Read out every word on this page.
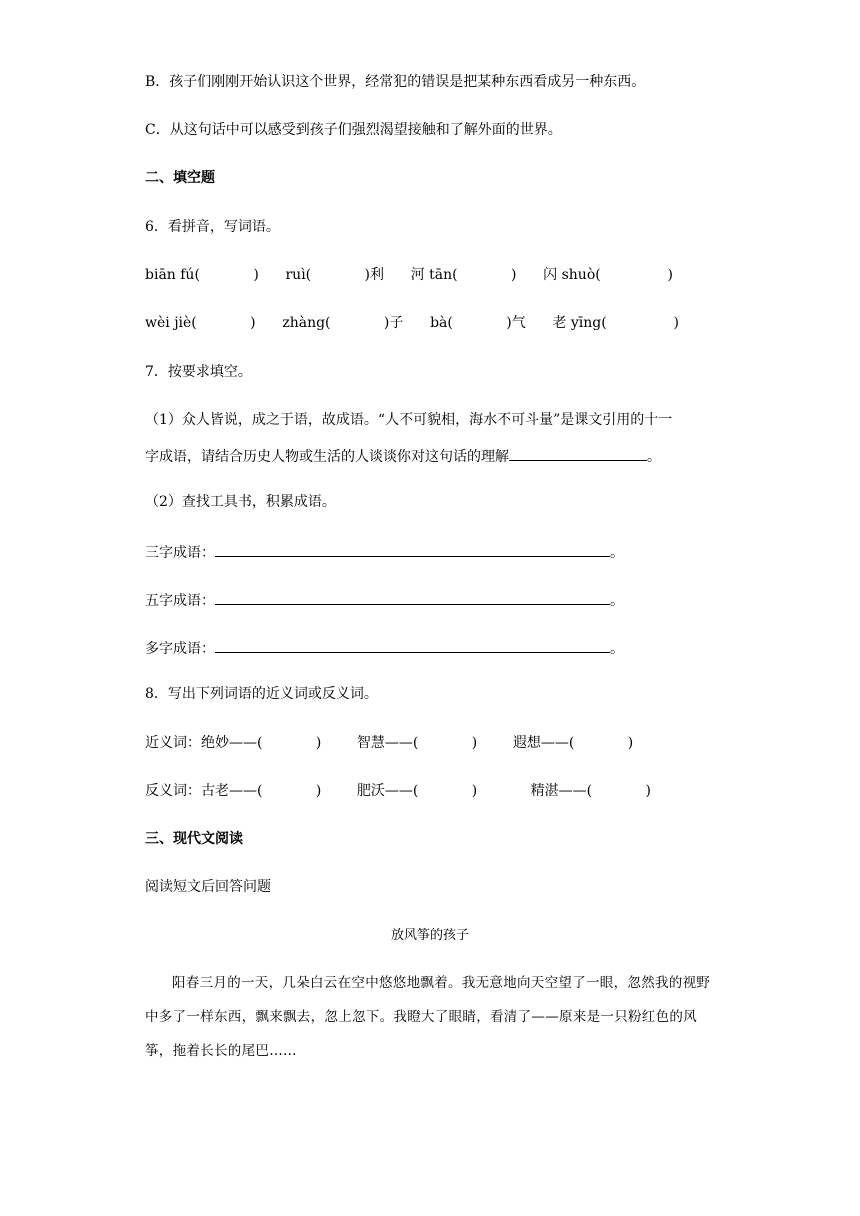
B．孩子们刚刚开始认识这个世界，经常犯的错误是把某种东西看成另一种东西。
C．从这句话中可以感受到孩子们强烈渴望接触和了解外面的世界。
二、填空题
6．看拼音，写词语。
biān fú(            )      ruì(            )利      河 tān(            )      闪 shuò(               )
wèi jiè(            )      zhàng(            )子      bà(            )气      老 yīng(               )
7．按要求填空。
（1）众人皆说，成之于语，故成语。“人不可貌相，海水不可斗量”是课文引用的十一
字成语，请结合历史人物或生活的人谈谈你对这句话的理解	。
（2）查找工具书，积累成语。
三字成语：	。
五字成语：	。
多字成语：	。
8．写出下列词语的近义词或反义词。
近义词：绝妙——(            )        智慧——(            )        遐想——(            )
反义词：古老——(            )        肥沃——(            )            精湛——(            )
三、现代文阅读
阅读短文后回答问题
放风筝的孩子
阳春三月的一天，几朵白云在空中悠悠地飘着。我无意地向天空望了一眼，忽然我的视野中多了一样东西，飘来飘去，忽上忽下。我瞪大了眼睛，看清了——原来是一只粉红色的风筝，拖着长长的尾巴……
